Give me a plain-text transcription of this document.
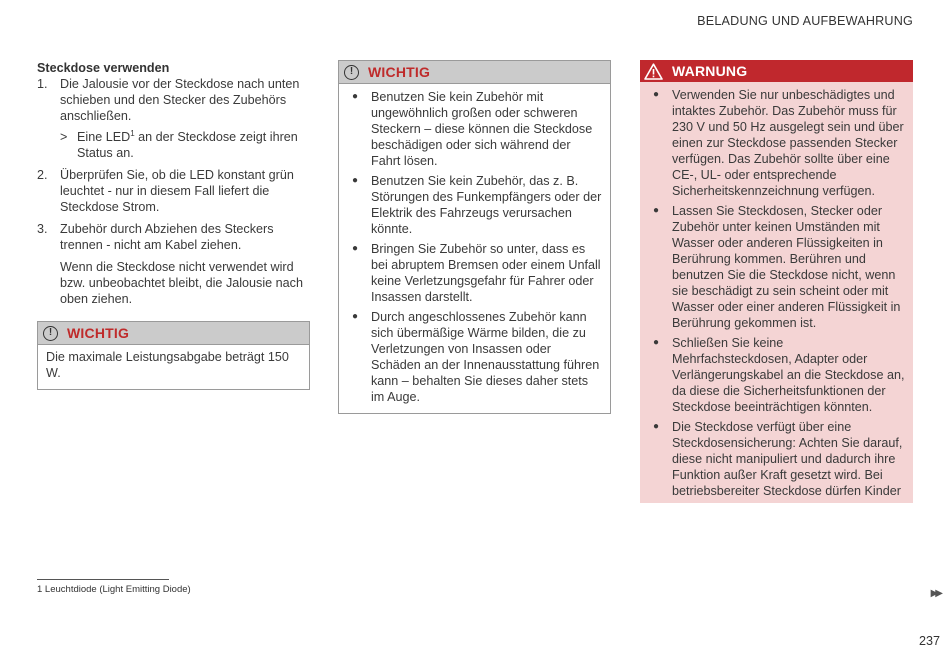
BELADUNG UND AUFBEWAHRUNG

Steckdose verwenden

1. Die Jalousie vor der Steckdose nach unten schieben und den Stecker des Zubehörs anschließen.
> Eine LED$^1$ an der Steckdose zeigt ihren Status an.
2. Überprüfen Sie, ob die LED konstant grün leuchtet - nur in diesem Fall liefert die Steckdose Strom.
3. Zubehör durch Abziehen des Steckers trennen - nicht am Kabel ziehen.
Wenn die Steckdose nicht verwendet wird bzw. unbeobachtet bleibt, die Jalousie nach oben ziehen.
!	WICHTIG
Die maximale Leistungsabgabe beträgt 150 W.
!	WICHTIG
● Benutzen Sie kein Zubehör mit ungewöhnlich großen oder schweren Steckern – diese können die Steckdose beschädigen oder sich während der Fahrt lösen.
● Benutzen Sie kein Zubehör, das z. B. Störungen des Funkempfängers oder der Elektrik des Fahrzeugs verursachen könnte.
● Bringen Sie Zubehör so unter, dass es bei abruptem Bremsen oder einem Unfall keine Verletzungsgefahr für Fahrer oder Insassen darstellt.
● Durch angeschlossenes Zubehör kann sich übermäßige Wärme bilden, die zu Verletzungen von Insassen oder Schäden an der Innenausstattung führen kann – behalten Sie dieses daher stets im Auge.
WARNUNG
● Verwenden Sie nur unbeschädigtes und intaktes Zubehör. Das Zubehör muss für 230 V und 50 Hz ausgelegt sein und über einen zur Steckdose passenden Stecker verfügen. Das Zubehör sollte über eine CE-, UL- oder entsprechende Sicherheitskennzeichnung verfügen.
● Lassen Sie Steckdosen, Stecker oder Zubehör unter keinen Umständen mit Wasser oder anderen Flüssigkeiten in Berührung kommen. Berühren und benutzen Sie die Steckdose nicht, wenn sie beschädigt zu sein scheint oder mit Wasser oder einer anderen Flüssigkeit in Berührung gekommen ist.
● Schließen Sie keine Mehrfachsteckdosen, Adapter oder Verlängerungskabel an die Steckdose an, da diese die Sicherheitsfunktionen der Steckdose beeinträchtigen könnten.
● Die Steckdose verfügt über eine Steckdosensicherung: Achten Sie darauf, diese nicht manipuliert und dadurch ihre Funktion außer Kraft gesetzt wird. Bei betriebsbereiter Steckdose dürfen Kinder
1 Leuchtdiode (Light Emitting Diode)	▶▶
237
